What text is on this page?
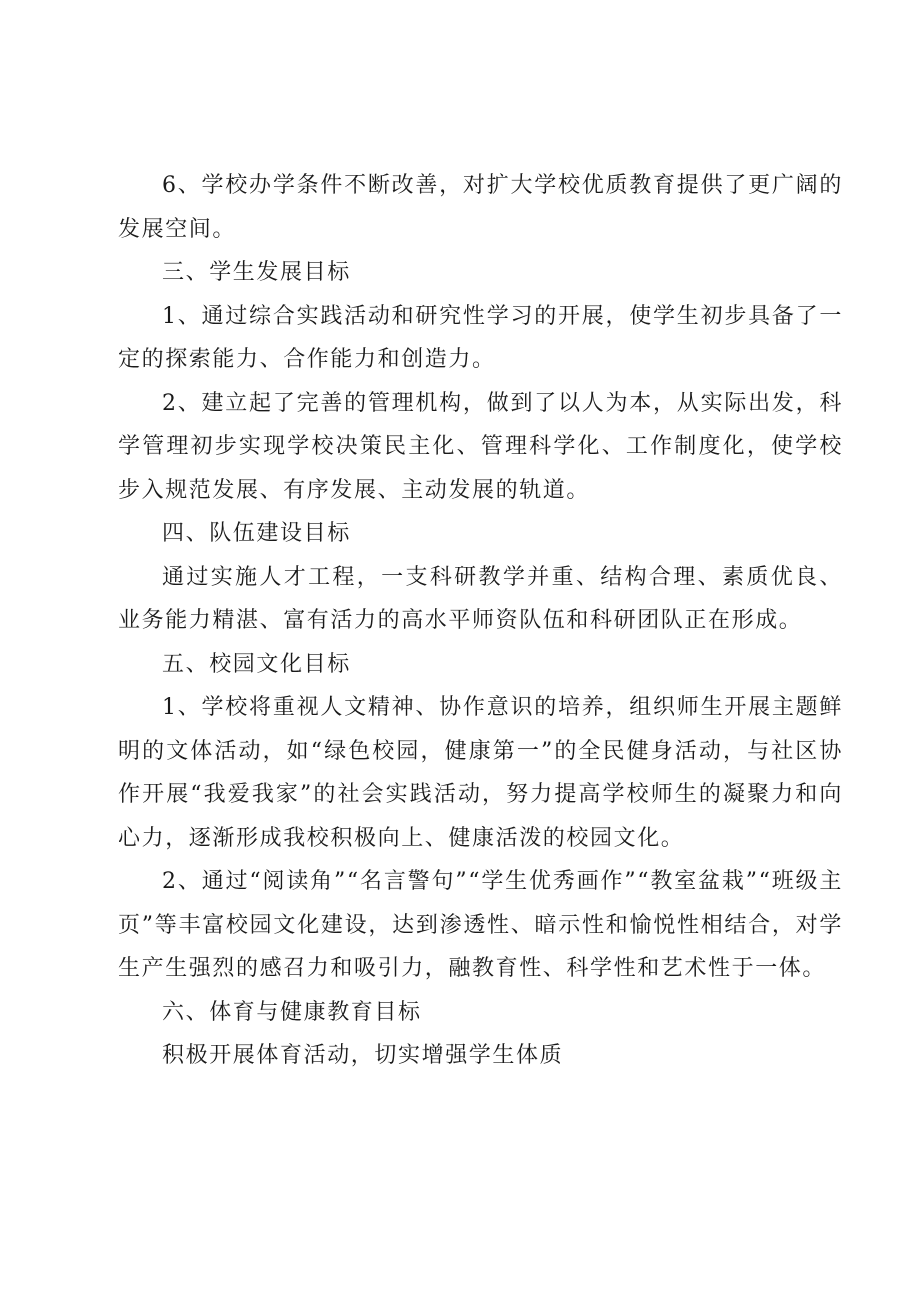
6、学校办学条件不断改善，对扩大学校优质教育提供了更广阔的发展空间。

三、学生发展目标

1、通过综合实践活动和研究性学习的开展，使学生初步具备了一定的探索能力、合作能力和创造力。

2、建立起了完善的管理机构，做到了以人为本，从实际出发，科学管理初步实现学校决策民主化、管理科学化、工作制度化，使学校步入规范发展、有序发展、主动发展的轨道。

四、队伍建设目标

通过实施人才工程，一支科研教学并重、结构合理、素质优良、业务能力精湛、富有活力的高水平师资队伍和科研团队正在形成。

五、校园文化目标

1、学校将重视人文精神、协作意识的培养，组织师生开展主题鲜明的文体活动，如“绿色校园，健康第一”的全民健身活动，与社区协作开展“我爱我家”的社会实践活动，努力提高学校师生的凝聚力和向心力，逐渐形成我校积极向上、健康活泼的校园文化。

2、通过“阅读角”“名言警句”“学生优秀画作”“教室盆栽”“班级主页”等丰富校园文化建设，达到渗透性、暗示性和愉悦性相结合，对学生产生强烈的感召力和吸引力，融教育性、科学性和艺术性于一体。

六、体育与健康教育目标

积极开展体育活动，切实增强学生体质
